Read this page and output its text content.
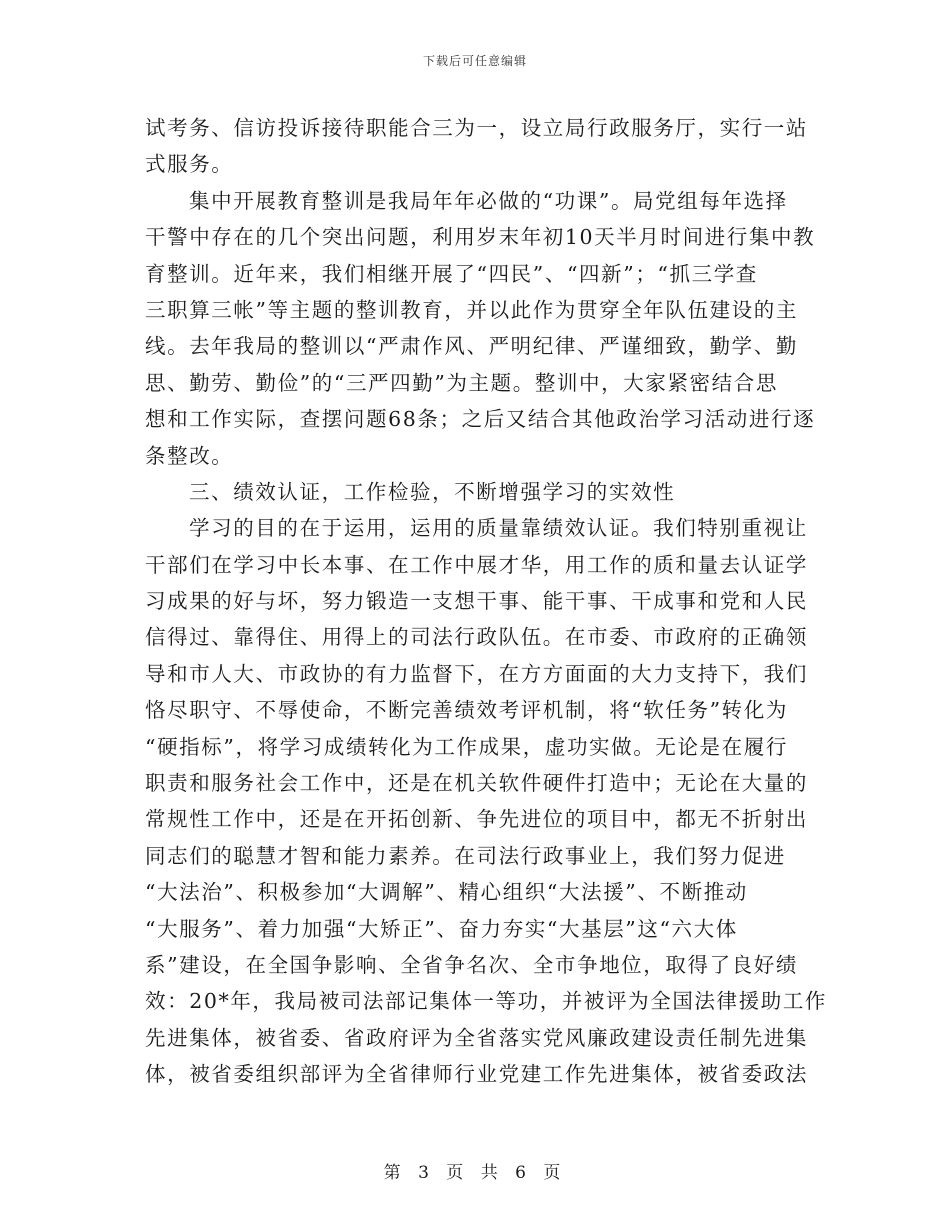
下载后可任意编辑
试考务、信访投诉接待职能合三为一，设立局行政服务厅，实行一站
式服务。
集中开展教育整训是我局年年必做的“功课”。局党组每年选择
干警中存在的几个突出问题，利用岁末年初10天半月时间进行集中教
育整训。近年来，我们相继开展了“四民”、“四新”；“抓三学查
三职算三帐”等主题的整训教育，并以此作为贯穿全年队伍建设的主
线。去年我局的整训以“严肃作风、严明纪律、严谨细致，勤学、勤
思、勤劳、勤俭”的“三严四勤”为主题。整训中，大家紧密结合思
想和工作实际，查摆问题68条；之后又结合其他政治学习活动进行逐
条整改。
三、绩效认证，工作检验，不断增强学习的实效性
学习的目的在于运用，运用的质量靠绩效认证。我们特别重视让
干部们在学习中长本事、在工作中展才华，用工作的质和量去认证学
习成果的好与坏，努力锻造一支想干事、能干事、干成事和党和人民
信得过、靠得住、用得上的司法行政队伍。在市委、市政府的正确领
导和市人大、市政协的有力监督下，在方方面面的大力支持下，我们
恪尽职守、不辱使命，不断完善绩效考评机制，将“软任务”转化为
“硬指标”，将学习成绩转化为工作成果，虚功实做。无论是在履行
职责和服务社会工作中，还是在机关软件硬件打造中；无论在大量的
常规性工作中，还是在开拓创新、争先进位的项目中，都无不折射出
同志们的聪慧才智和能力素养。在司法行政事业上，我们努力促进
“大法治”、积极参加“大调解”、精心组织“大法援”、不断推动
“大服务”、着力加强“大矫正”、奋力夯实“大基层”这“六大体
系”建设，在全国争影响、全省争名次、全市争地位，取得了良好绩
效：20*年，我局被司法部记集体一等功，并被评为全国法律援助工作
先进集体，被省委、省政府评为全省落实党风廉政建设责任制先进集
体，被省委组织部评为全省律师行业党建工作先进集体，被省委政法
第 3 页 共 6 页
